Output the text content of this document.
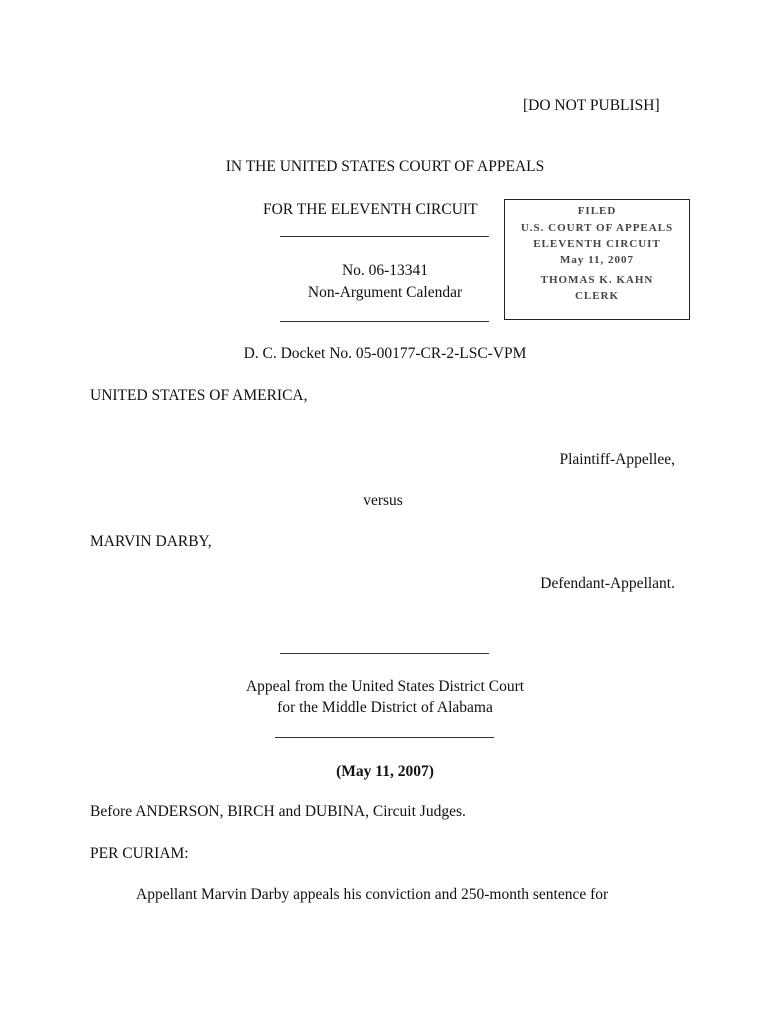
[DO NOT PUBLISH]
IN THE UNITED STATES COURT OF APPEALS
FOR THE ELEVENTH CIRCUIT	FILED
U.S. COURT OF APPEALS
ELEVENTH CIRCUIT
May 11, 2007
THOMAS K. KAHN
CLERK
No. 06-13341
Non-Argument Calendar
D. C. Docket No. 05-00177-CR-2-LSC-VPM
UNITED STATES OF AMERICA,
Plaintiff-Appellee,
versus
MARVIN DARBY,
Defendant-Appellant.
Appeal from the United States District Court
for the Middle District of Alabama
(May 11, 2007)
Before ANDERSON, BIRCH and DUBINA, Circuit Judges.
PER CURIAM:
Appellant Marvin Darby appeals his conviction and 250-month sentence for
